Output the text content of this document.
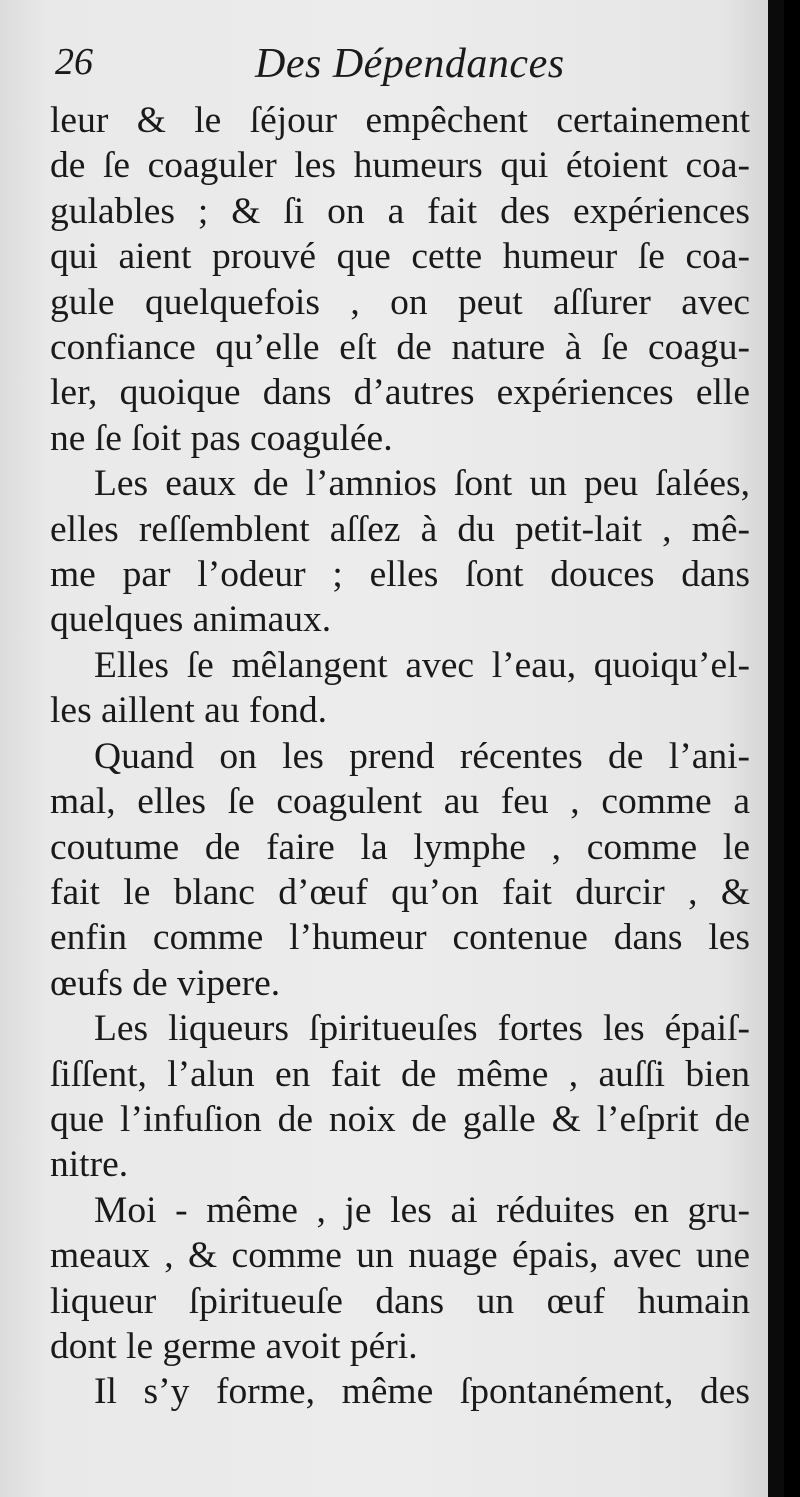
26	Des Dépendances

leur & le ſéjour empêchent certainement
de ſe coaguler les humeurs qui étoient coa-
gulables ; & ſi on a fait des expériences
qui aient prouvé que cette humeur ſe coa-
gule quelquefois , on peut aſſurer avec
confiance qu’elle eſt de nature à ſe coagu-
ler, quoique dans d’autres expériences elle
ne ſe ſoit pas coagulée.

Les eaux de l’amnios ſont un peu ſalées,
elles reſſemblent aſſez à du petit-lait , mê-
me par l’odeur ; elles ſont douces dans
quelques animaux.

Elles ſe mêlangent avec l’eau, quoiqu’el-
les aillent au fond.

Quand on les prend récentes de l’ani-
mal, elles ſe coagulent au feu , comme a
coutume de faire la lymphe , comme le
fait le blanc d’œuf qu’on fait durcir , &
enfin comme l’humeur contenue dans les
œufs de vipere.

Les liqueurs ſpiritueuſes fortes les épaiſ-
ſiſſent, l’alun en fait de même , auſſi bien
que l’infuſion de noix de galle & l’eſprit de
nitre.

Moi - même , je les ai réduites en gru-
meaux , & comme un nuage épais, avec une
liqueur ſpiritueuſe dans un œuf humain
dont le germe avoit péri.

Il s’y forme, même ſpontanément, des
